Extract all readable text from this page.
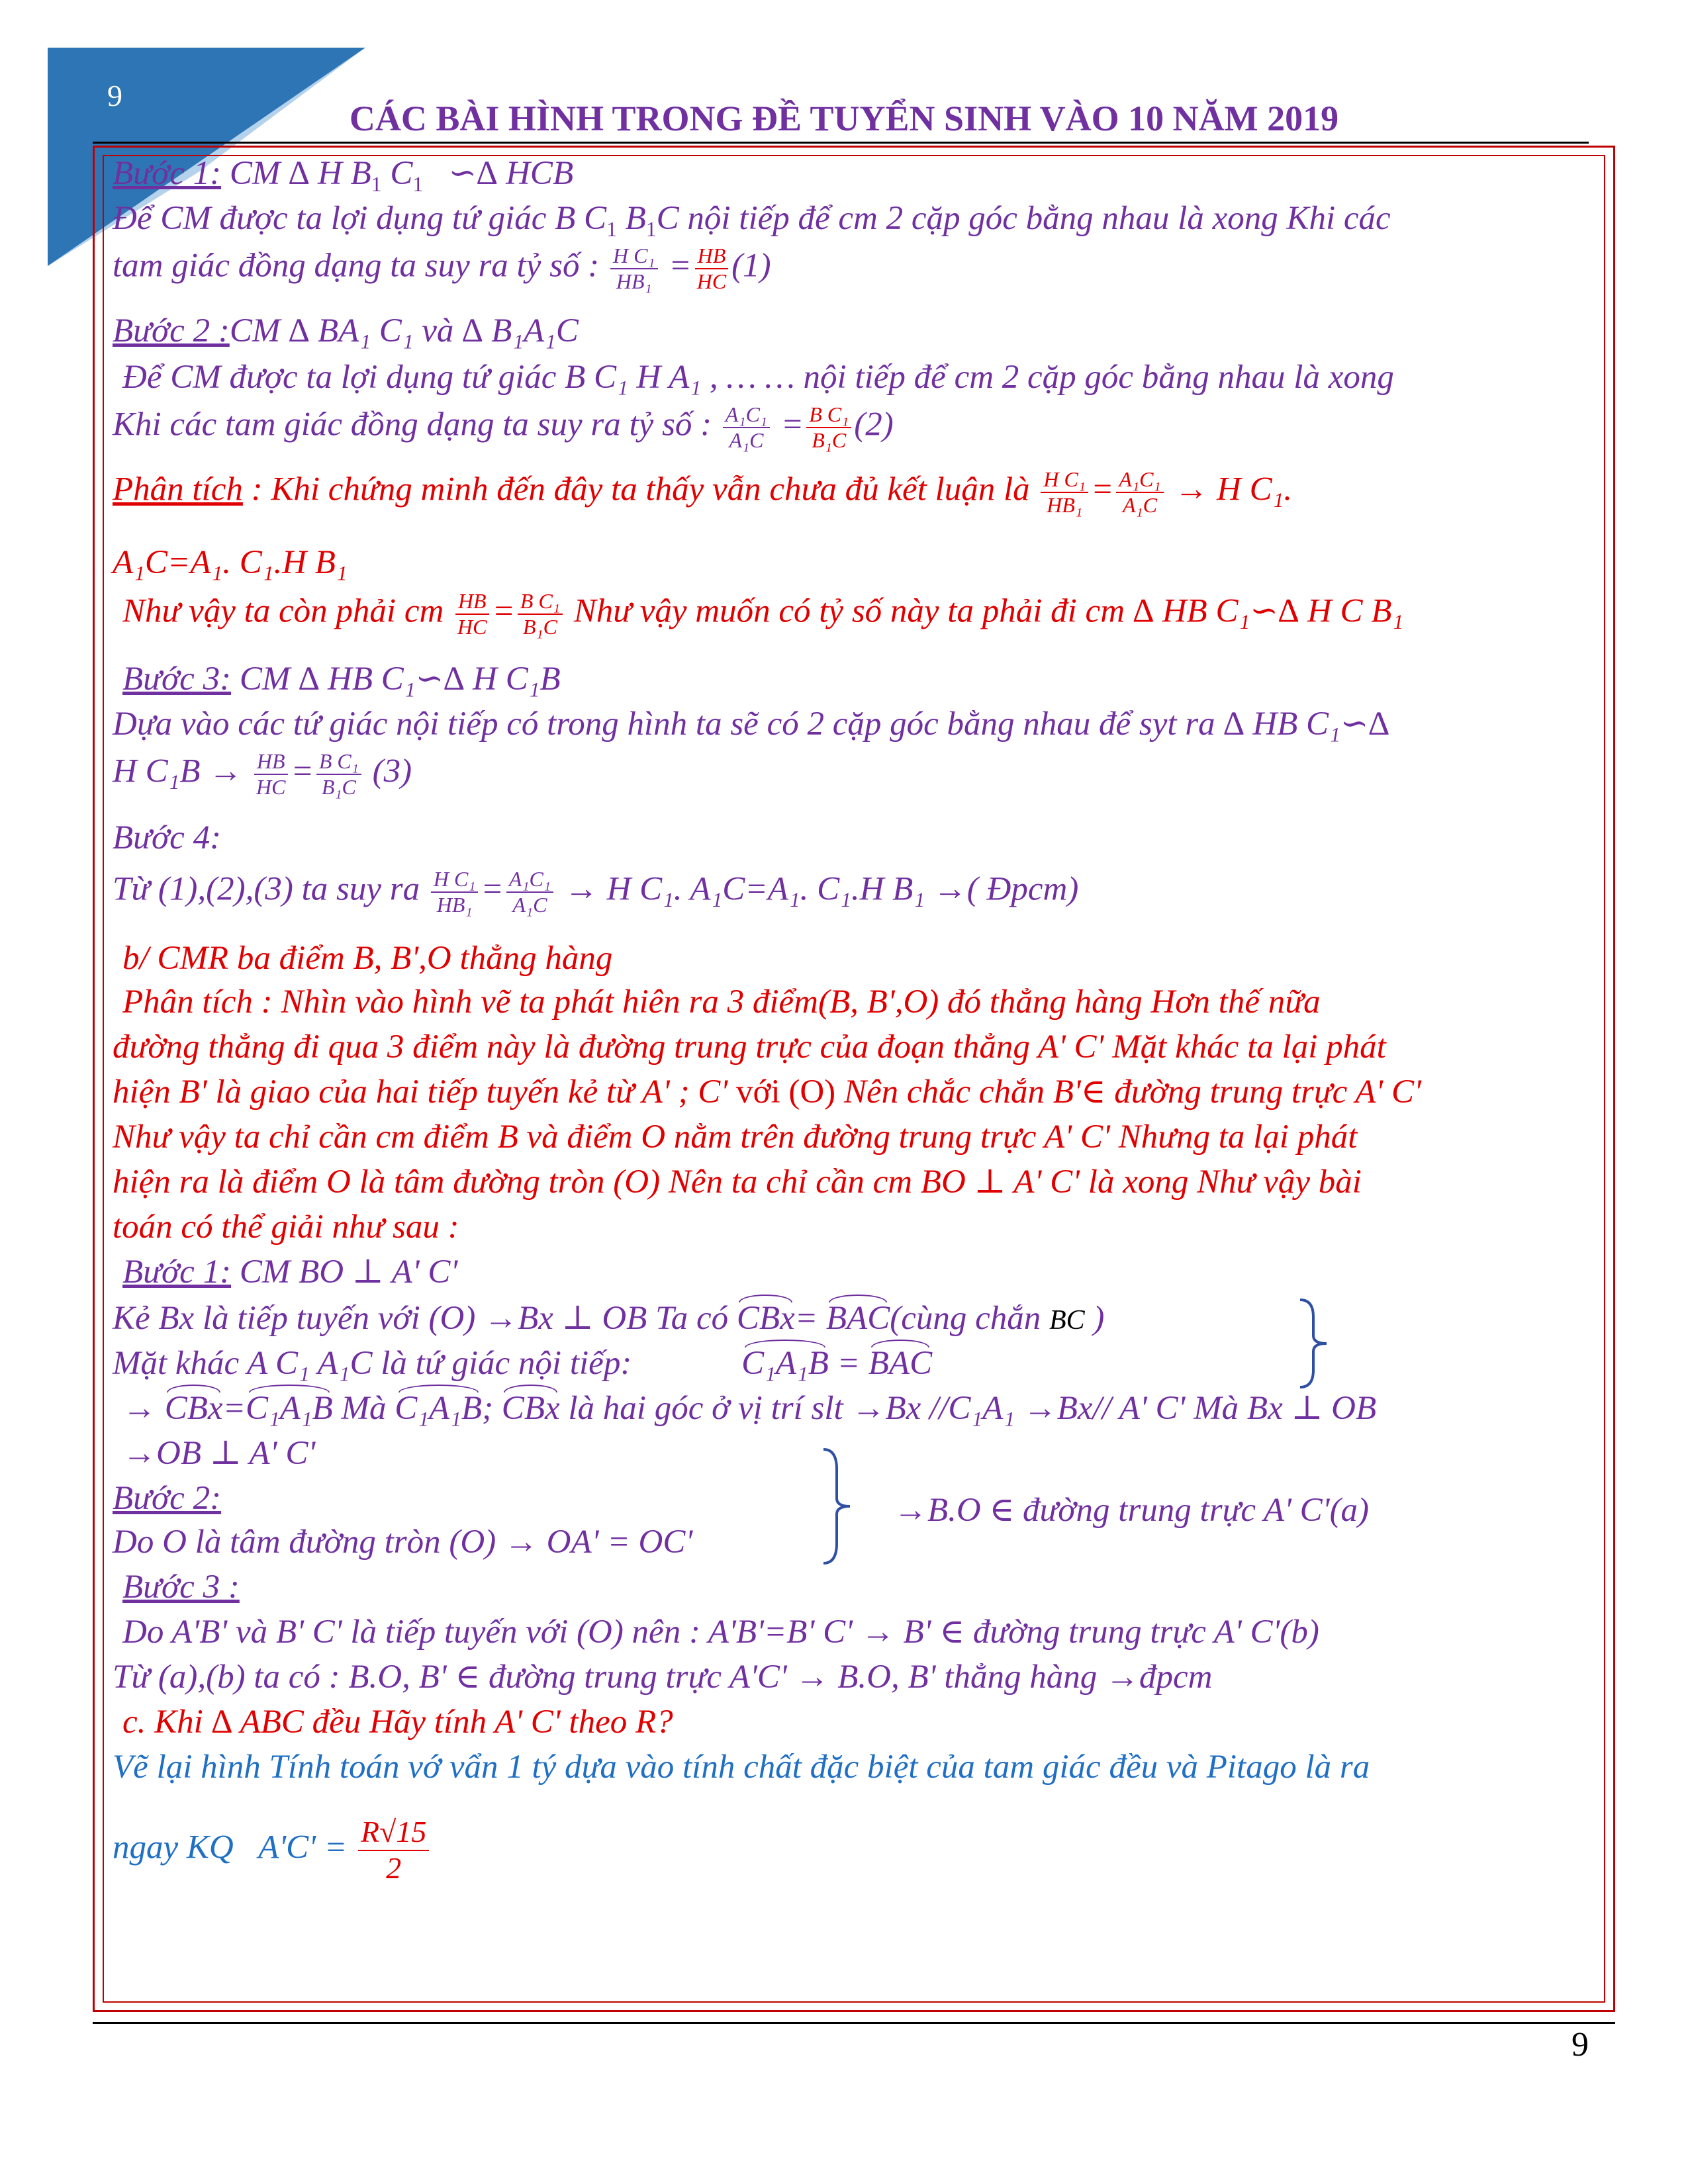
9
CÁC BÀI HÌNH TRONG ĐỀ TUYỂN SINH VÀO 10 NĂM 2019
Bước 1: CM ∆ H $B_1$ $C_1$ ∽∆ HCB
Để CM được ta lợi dụng tứ giác B $C_1$ $B_1C$ nội tiếp để cm 2 cặp góc bằng nhau là xong Khi các
tam giác đồng dạng ta suy ra tỷ số : $\frac{\text{H C₁}}{\text{HB₁}} = \frac{HB}{HC} (1)$
Bước 2 :CM ∆ BA₁ C₁ và ∆ B₁A₁C
Để CM được ta lợi dụng tứ giác B C₁ H A₁ , … … nội tiếp để cm 2 cặp góc bằng nhau là xong
Khi các tam giác đồng dạng ta suy ra tỷ số : $\frac{\text{A₁C₁}}{\text{A₁C}} = \frac{\text{B C₁}}{\text{B₁C}} (2)$
Phân tích : Khi chứng minh đến đây ta thấy vẫn chưa đủ kết luận là $\frac{\text{H C₁}}{\text{HB₁}} = \frac{\text{A₁C₁}}{\text{A₁C}} \to H$ C₁.
A₁C=A₁. C₁.H B₁
Như vậy ta còn phải cm $\frac{HB}{HC} = \frac{\text{B C₁}}{\text{B₁C}}$ Như vậy muốn có tỷ số này ta phải đi cm ∆ HB C₁∽∆ H C B₁
Bước 3: CM ∆ HB C₁∽∆ H C₁B
Dựa vào các tứ giác nội tiếp có trong hình ta sẽ có 2 cặp góc bằng nhau để syt ra ∆ HB C₁∽∆
H $C_1B \to \frac{HB}{HC} = \frac{\text{B C₁}}{\text{B₁C}} (3)$
Bước 4:
Từ (1),(2),(3) ta suy ra $\frac{\text{H C₁}}{\text{HB₁}} = \frac{\text{A₁C₁}}{\text{A₁C}} \to H$ C₁. A₁C=A₁. C₁.H B₁ →( Đpcm)
b/ CMR ba điểm B, B',O thẳng hàng
Phân tích : Nhìn vào hình vẽ ta phát hiên ra 3 điểm(B, B',O) đó thẳng hàng Hơn thế nữa
đường thẳng đi qua 3 điểm này là đường trung trực của đoạn thẳng A' C' Mặt khác ta lại phát
hiện B' là giao của hai tiếp tuyến kẻ từ A' ; C' với (O) Nên chắc chắn B'∈ đường trung trực A' C'
Như vậy ta chỉ cần cm điểm B và điểm O nằm trên đường trung trực A' C' Nhưng ta lại phát
hiện ra là điểm O là tâm đường tròn (O) Nên ta chỉ cần cm BO ⊥ A' C' là xong Như vậy bài
toán có thể giải như sau :
Bước 1: CM BO ⊥ A' C'
Kẻ Bx là tiếp tuyến với (O) →Bx ⊥ OB Ta có CBx= BAC(cùng chắn BC )
Mặt khác A C₁ A₁C là tứ giác nội tiếp:	C₁A₁B = BAC
→ CBx=C₁A₁B Mà C₁A₁B; CBx là hai góc ở vị trí slt →Bx //C₁A₁ →Bx// A' C' Mà Bx ⊥ OB
→OB ⊥ A' C'
Bước 2:
Do O là tâm đường tròn (O) → OA' = OC'
→B.O ∈ đường trung trực A' C'(a)
Bước 3 :
Do A'B' và B' C' là tiếp tuyến với (O) nên : A'B'=B' C' → B' ∈ đường trung trực A' C'(b)
Từ (a),(b) ta có : B.O, B' ∈ đường trung trực A'C' → B.O, B' thẳng hàng →đpcm
c. Khi ∆ ABC đều Hãy tính A' C' theo R?
Vẽ lại hình Tính toán vớ vẩn 1 tý dựa vào tính chất đặc biệt của tam giác đều và Pitago là ra
ngay KQ $A'C' = \frac{R√15}{2}$
9
